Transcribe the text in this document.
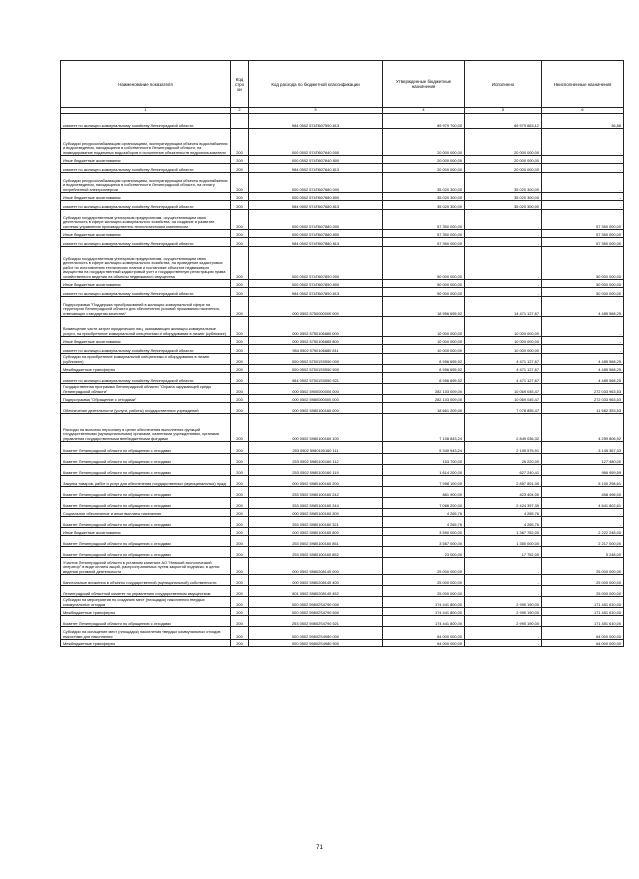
Наименование показателя	Код стро ки	Код расхода по бюджетной классификации	Утвержденные бюджетные назначения	Исполнено	Неисполненные назначения
1	2	3	4	5	6
комитет по жилищно-коммунальному хозяйству Ленинградской области		984 0502 574П607590 813	89 979 700,00	89 979 663,12	36,88
Субсидии ресурсоснабжающим организациям, эксплуатирующим объекты водоснабжения и водоотведения, находящиеся в собственности Ленинградской области, на ликвидирование подземных водозаборов и исполнение обязательств недропользователя	200	000 0502 574П607640 000	20 000 000,00	20 000 000,00	-
Иные бюджетные ассигнования	200	000 0502 574П607640 800	20 000 000,00	20 000 000,00	-
комитет по жилищно-коммунальному хозяйству Ленинградской области	200	984 0502 574П607640 813	20 000 000,00	20 000 000,00	-
Субсидии ресурсоснабжающим организациям, эксплуатирующим объекты водоснабжения и водоотведения, находящиеся в собственности Ленинградской области, на оплату потребленной электроэнергии	200	000 0502 574П607680 000	35 020 300,00	35 020 300,00	-
Иные бюджетные ассигнования	200	000 0502 574П607680 800	35 020 300,00	35 020 300,00	-
комитет по жилищно-коммунальному хозяйству Ленинградской области	200	984 0502 574П607680 813	35 020 300,00	35 020 300,00	-
Субсидии государственным унитарным предприятиям, осуществляющим свою деятельность в сфере жилищно-коммунального хозяйства, на создание и развитие системы управления производственно-технологическим комплексом	200	000 0502 574П607880 000	57 350 000,00	-	57 350 000,00
Иные бюджетные ассигнования	200	000 0502 574П607880 800	57 350 000,00	-	57 350 000,00
комитет по жилищно-коммунальному хозяйству Ленинградской области	200	984 0502 574П607880 813	57 350 000,00	-	57 350 000,00
Субсидии государственным унитарным предприятиям, осуществляющим свою деятельность в сфере жилищно-коммунального хозяйства, на проведение кадастровых работ по изготовлению технических планов и постановке объектов недвижимого имущества на государственный кадастровый учет и государственную регистрацию права хозяйственного ведения на объекты недвижимого имущества	200	000 0502 574П607890 000	50 000 000,00	-	50 000 000,00
Иные бюджетные ассигнования	200	000 0502 574П607890 800	50 000 000,00	-	50 000 000,00
комитет по жилищно-коммунальному хозяйству Ленинградской области	200	984 0502 574П607890 813	50 000 000,00	-	50 000 000,00
Подпрограмма "Поддержка преобразований в жилищно-коммунальной сфере на территории Ленинградской области для обеспечения условий проживания населения, отвечающих стандартам качества"	200	000 0502 5750000000 000	18 956 695,92	14 471 127,67	4 485 568,25
Возмещение части затрат юридических лиц, оказывающих жилищно-коммунальные услуги, на приобретение коммунальной спецтехники и оборудования в лизинг (сублизинг)	200	000 0502 5750106880 000	10 000 000,00	10 000 000,00	-
Иные бюджетные ассигнования	200	000 0502 5750106880 800	10 000 000,00	10 000 000,00	-
комитет по жилищно-коммунальному хозяйству Ленинградской области	200	984 0502 5750106880 811	10 000 000,00	10 000 000,00	-
Субсидии на приобретение коммунальной спецтехники и оборудования в лизинг (сублизинг)	200	000 0502 57501S0550 000	8 956 695,92	4 471 127,67	4 485 568,25
Межбюджетные трансферты	200	000 0502 57501S0550 500	8 956 695,92	4 471 127,67	4 485 568,25
комитет по жилищно-коммунальному хозяйству Ленинградской области	200	984 0502 57501S0550 521	8 956 695,92	4 471 127,67	4 485 568,25
Государственная программа Ленинградской области "Охрана окружающей среды Ленинградской области"	200	000 0502 5900000000 000	282 103 009,00	10 069 045,47	272 033 963,53
Подпрограмма "Обращение с отходами"	200	000 0502 5980000000 000	282 103 009,00	10 069 045,47	272 033 963,53
Обеспечение деятельности (услуги, работы) государственных учреждений	200	000 0502 5980100160 000	18 661 209,00	7 078 855,47	11 582 353,53
Расходы на выплаты персоналу в целях обеспечения выполнения функций государственными (муниципальными) органами, казенными учреждениями, органами управления государственными внебюджетными фондами	200	000 0502 5980100160 100	7 108 843,24	2 849 036,32	4 259 806,92
Комитет Ленинградской области по обращению с отходами	200	253 0502 5980100160 111	5 340 943,24	2 195 575,91	3 145 367,33
Комитет Ленинградской области по обращению с отходами	200	253 0502 5980100160 112	153 700,00	26 220,00	127 480,00
Комитет Ленинградской области по обращению с отходами	200	253 0502 5980100160 119	1 614 200,00	627 240,41	986 959,59
Закупка товаров, работ и услуг для обеспечения государственных (муниципальных) нужд	200	000 0502 5980100160 200	7 958 100,00	2 857 801,39	5 100 298,61
Комитет Ленинградской области по обращению с отходами	200	253 0502 5980100160 242	881 900,00	423 404,00	458 496,00
Комитет Ленинградской области по обращению с отходами	200	253 0502 5980100160 244	7 066 200,00	2 424 397,39	4 641 802,61
Социальное обеспечение и иные выплаты населению	200	000 0502 5980100160 300	4 265,76	4 265,76	-
Комитет Ленинградской области по обращению с отходами	200	253 0502 5980100160 321	4 265,76	4 265,76	-
Иные бюджетные ассигнования	200	000 0502 5980100160 800	3 590 000,00	1 367 752,00	2 222 248,00
Комитет Ленинградской области по обращению с отходами	200	253 0502 5980100160 851	3 567 000,00	1 350 000,00	2 217 000,00
Комитет Ленинградской области по обращению с отходами	200	253 0502 5980100160 852	23 000,00	17 752,00	5 248,00
Участие Ленинградской области в уставном капитале АО "Невский экологический оператор" в виде оплаты акций, распространяемых путем закрытой подписки, в целях ведения уставной деятельности	200	000 0502 5980208140 000	25 000 000,00	-	25 000 000,00
Капитальные вложения в объекты государственной (муниципальной) собственности	200	000 0502 5980208140 400	25 000 000,00	-	25 000 000,00
Ленинградский областной комитет по управлению государственным имуществом	200	801 0502 5980208140 452	25 000 000,00	-	25 000 000,00
Субсидии на мероприятия по созданию мест (площадок) накопления твердых коммунальных отходов	200	000 0502 59802S4790 000	174 441 800,00	2 990 190,00	171 451 610,00
Межбюджетные трансферты	200	000 0502 59802S4790 500	174 441 800,00	2 990 190,00	171 451 610,00
Комитет Ленинградской области по обращению с отходами	200	253 0502 59802S4790 521	174 441 800,00	2 990 190,00	171 451 610,00
Субсидии на оснащение мест (площадок) накопления твердых коммунальных отходов емкостями для накопления	200	000 0502 59802S4980 000	64 000 000,00	-	64 000 000,00
Межбюджетные трансферты	200	000 0502 59802S4980 500	64 000 000,00	-	64 000 000,00
71
